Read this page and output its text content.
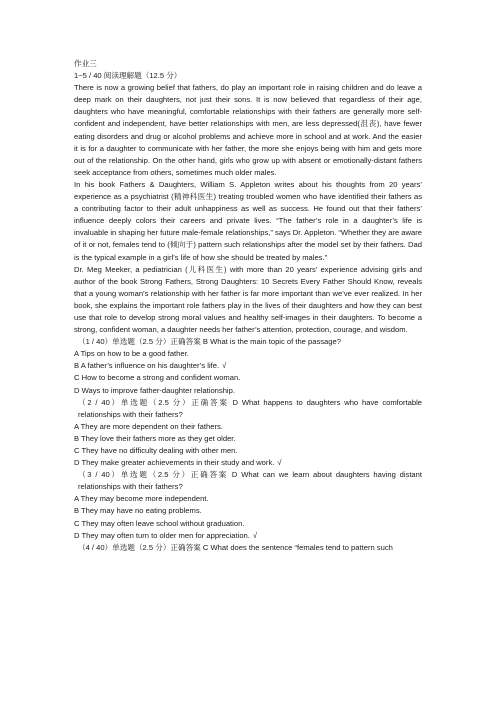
作业三

1~5 / 40 阅读理解题（12.5 分）

There is now a growing belief that fathers, do play an important role in raising children and do leave a deep mark on their daughters, not just their sons. It is now believed that regardless of their age, daughters who have meaningful, comfortable relationships with their fathers are generally more self-confident and independent, have better relationships with men, are less depressed(沮丧), have fewer eating disorders and drug or alcohol problems and achieve more in school and at work. And the easier it is for a daughter to communicate with her father, the more she enjoys being with him and gets more out of the relationship. On the other hand, girls who grow up with absent or emotionally-distant fathers seek acceptance from others, sometimes much older males.

In his book Fathers & Daughters, William S. Appleton writes about his thoughts from 20 years’ experience as a psychiatrist (精神科医生) treating troubled women who have identified their fathers as a contributing factor to their adult unhappiness as well as success. He found out that their fathers’ influence deeply colors their careers and private lives. “The father’s role in a daughter’s life is invaluable in shaping her future male-female relationships,” says Dr. Appleton. “Whether they are aware of it or not, females tend to (倾向于) pattern such relationships after the model set by their fathers. Dad is the typical example in a girl’s life of how she should be treated by males.”

Dr. Meg Meeker, a pediatrician (儿科医生) with more than 20 years’ experience advising girls and author of the book Strong Fathers, Strong Daughters: 10 Secrets Every Father Should Know, reveals that a young woman’s relationship with her father is far more important than we’ve ever realized. In her book, she explains the important role fathers play in the lives of their daughters and how they can best use that role to develop strong moral values and healthy self-images in their daughters. To become a strong, confident woman, a daughter needs her father’s attention, protection, courage, and wisdom.

（1 / 40）单选题（2.5 分）正确答案 B What is the main topic of the passage?

A Tips on how to be a good father.

B A father’s influence on his daughter’s life. √

C How to become a strong and confident woman.

D Ways to improve father-daughter relationship.

（2 / 40）单选题（2.5 分）正确答案 D What happens to daughters who have comfortable relationships with their fathers?

A They are more dependent on their fathers.

B They love their fathers more as they get older.

C They have no difficulty dealing with other men.

D They make greater achievements in their study and work. √

（3 / 40）单选题（2.5 分）正确答案 D What can we learn about daughters having distant relationships with their fathers?

A They may become more independent.

B They may have no eating problems.

C They may often leave school without graduation.

D They may often turn to older men for appreciation. √

（4 / 40）单选题（2.5 分）正确答案 C What does the sentence “females tend to pattern such
